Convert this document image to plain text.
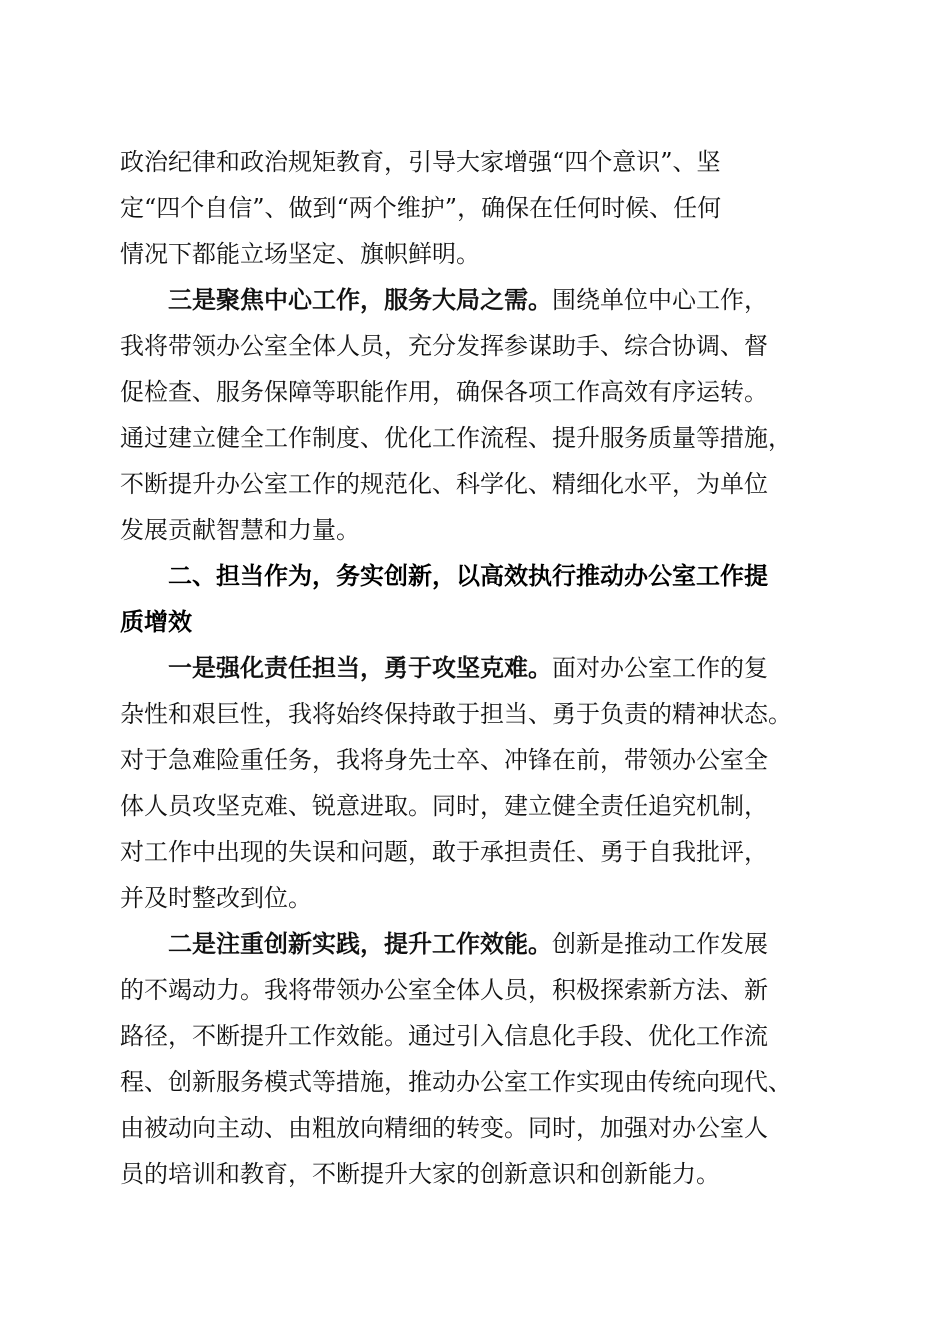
政治纪律和政治规矩教育，引导大家增强“四个意识”、坚
定“四个自信”、做到“两个维护”，确保在任何时候、任何
情况下都能立场坚定、旗帜鲜明。
三是聚焦中心工作，服务大局之需。围绕单位中心工作，
我将带领办公室全体人员，充分发挥参谋助手、综合协调、督
促检查、服务保障等职能作用，确保各项工作高效有序运转。
通过建立健全工作制度、优化工作流程、提升服务质量等措施，
不断提升办公室工作的规范化、科学化、精细化水平，为单位
发展贡献智慧和力量。
二、担当作为，务实创新，以高效执行推动办公室工作提
质增效
一是强化责任担当，勇于攻坚克难。面对办公室工作的复
杂性和艰巨性，我将始终保持敢于担当、勇于负责的精神状态。
对于急难险重任务，我将身先士卒、冲锋在前，带领办公室全
体人员攻坚克难、锐意进取。同时，建立健全责任追究机制，
对工作中出现的失误和问题，敢于承担责任、勇于自我批评，
并及时整改到位。
二是注重创新实践，提升工作效能。创新是推动工作发展
的不竭动力。我将带领办公室全体人员，积极探索新方法、新
路径，不断提升工作效能。通过引入信息化手段、优化工作流
程、创新服务模式等措施，推动办公室工作实现由传统向现代、
由被动向主动、由粗放向精细的转变。同时，加强对办公室人
员的培训和教育，不断提升大家的创新意识和创新能力。
